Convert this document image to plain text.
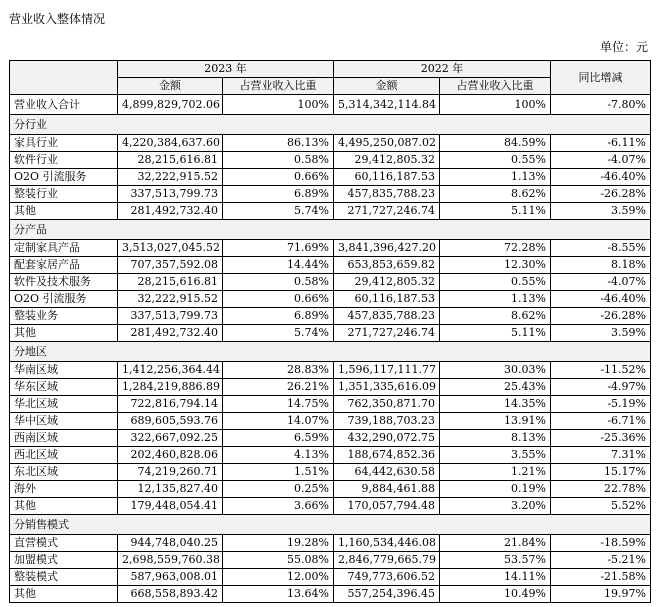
营业收入整体情况
单位：元
	2023 年		2022 年		同比增减
	金额	占营业收入比重	金额	占营业收入比重	
营业收入合计	4,899,829,702.06	100%	5,314,342,114.84	100%	-7.80%
分行业					
家具行业	4,220,384,637.60	86.13%	4,495,250,087.02	84.59%	-6.11%
软件行业	28,215,616.81	0.58%	29,412,805.32	0.55%	-4.07%
O2O 引流服务	32,222,915.52	0.66%	60,116,187.53	1.13%	-46.40%
整装行业	337,513,799.73	6.89%	457,835,788.23	8.62%	-26.28%
其他	281,492,732.40	5.74%	271,727,246.74	5.11%	3.59%
分产品					
定制家具产品	3,513,027,045.52	71.69%	3,841,396,427.20	72.28%	-8.55%
配套家居产品	707,357,592.08	14.44%	653,853,659.82	12.30%	8.18%
软件及技术服务	28,215,616.81	0.58%	29,412,805.32	0.55%	-4.07%
O2O 引流服务	32,222,915.52	0.66%	60,116,187.53	1.13%	-46.40%
整装业务	337,513,799.73	6.89%	457,835,788.23	8.62%	-26.28%
其他	281,492,732.40	5.74%	271,727,246.74	5.11%	3.59%
分地区					
华南区域	1,412,256,364.44	28.83%	1,596,117,111.77	30.03%	-11.52%
华东区域	1,284,219,886.89	26.21%	1,351,335,616.09	25.43%	-4.97%
华北区域	722,816,794.14	14.75%	762,350,871.70	14.35%	-5.19%
华中区域	689,605,593.76	14.07%	739,188,703.23	13.91%	-6.71%
西南区域	322,667,092.25	6.59%	432,290,072.75	8.13%	-25.36%
西北区域	202,460,828.06	4.13%	188,674,852.36	3.55%	7.31%
东北区域	74,219,260.71	1.51%	64,442,630.58	1.21%	15.17%
海外	12,135,827.40	0.25%	9,884,461.88	0.19%	22.78%
其他	179,448,054.41	3.66%	170,057,794.48	3.20%	5.52%
分销售模式					
直营模式	944,748,040.25	19.28%	1,160,534,446.08	21.84%	-18.59%
加盟模式	2,698,559,760.38	55.08%	2,846,779,665.79	53.57%	-5.21%
整装模式	587,963,008.01	12.00%	749,773,606.52	14.11%	-21.58%
其他	668,558,893.42	13.64%	557,254,396.45	10.49%	19.97%
